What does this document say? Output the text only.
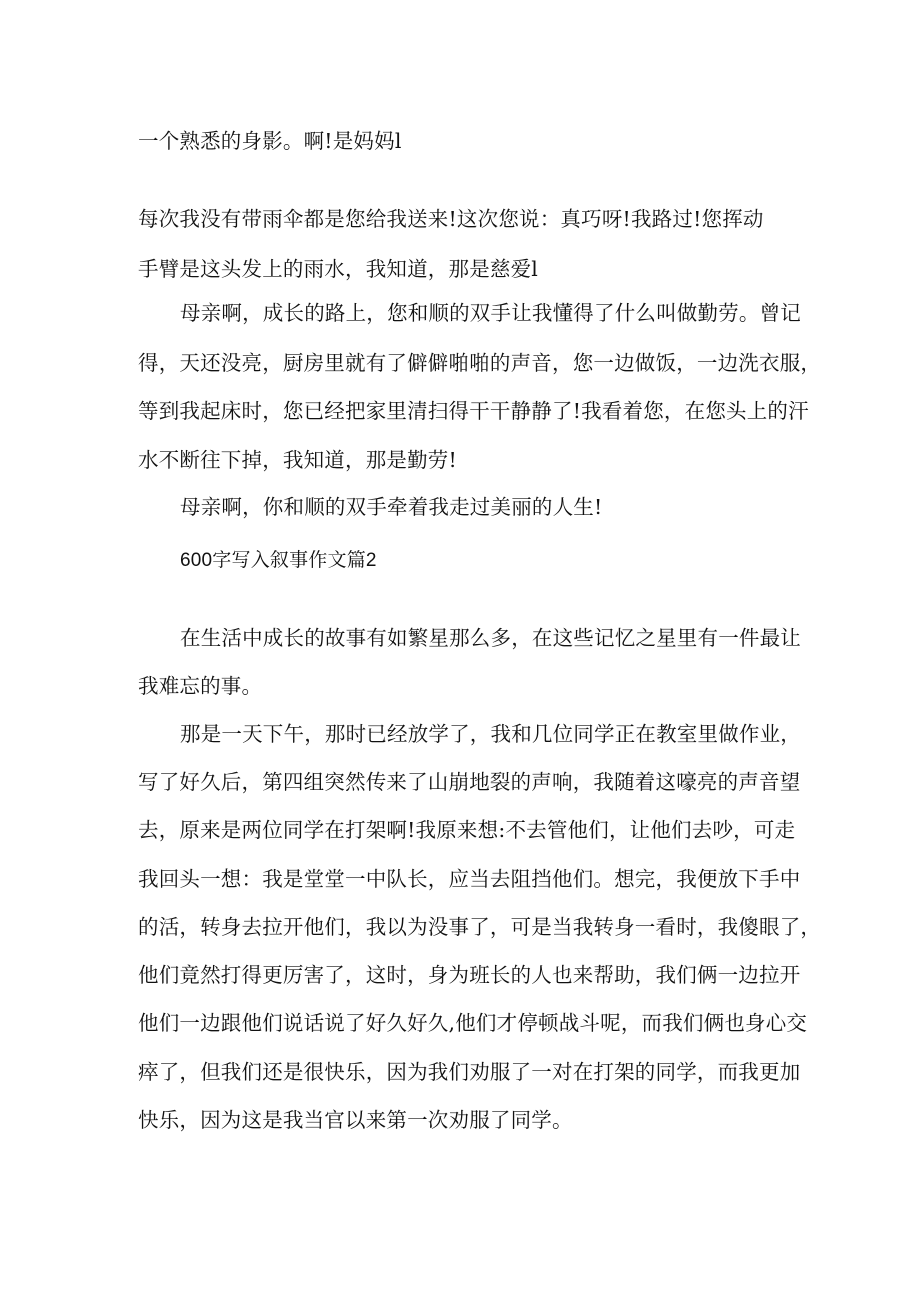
一个熟悉的身影。啊!是妈妈l

每次我没有带雨伞都是您给我送来!这次您说：真巧呀!我路过!您挥动

手臂是这头发上的雨水，我知道，那是慈爱l

母亲啊，成长的路上，您和顺的双手让我懂得了什么叫做勤劳。曾记

得，天还没亮，厨房里就有了僻僻啪啪的声音，您一边做饭，一边洗衣服，

等到我起床时，您已经把家里清扫得干干静静了!我看着您，在您头上的汗

水不断往下掉，我知道，那是勤劳!

母亲啊，你和顺的双手牵着我走过美丽的人生!

600字写入叙事作文篇2

在生活中成长的故事有如繁星那么多，在这些记忆之星里有一件最让

我难忘的事。

那是一天下午，那时已经放学了，我和几位同学正在教室里做作业，

写了好久后，第四组突然传来了山崩地裂的声响，我随着这嚎亮的声音望

去，原来是两位同学在打架啊!我原来想:不去管他们，让他们去吵，可走

我回头一想：我是堂堂一中队长，应当去阻挡他们。想完，我便放下手中

的活，转身去拉开他们，我以为没事了，可是当我转身一看时，我傻眼了，

他们竟然打得更厉害了，这时，身为班长的人也来帮助，我们俩一边拉开

他们一边跟他们说话说了好久好久,他们才停顿战斗呢，而我们俩也身心交

瘁了，但我们还是很快乐，因为我们劝服了一对在打架的同学，而我更加

快乐，因为这是我当官以来第一次劝服了同学。
